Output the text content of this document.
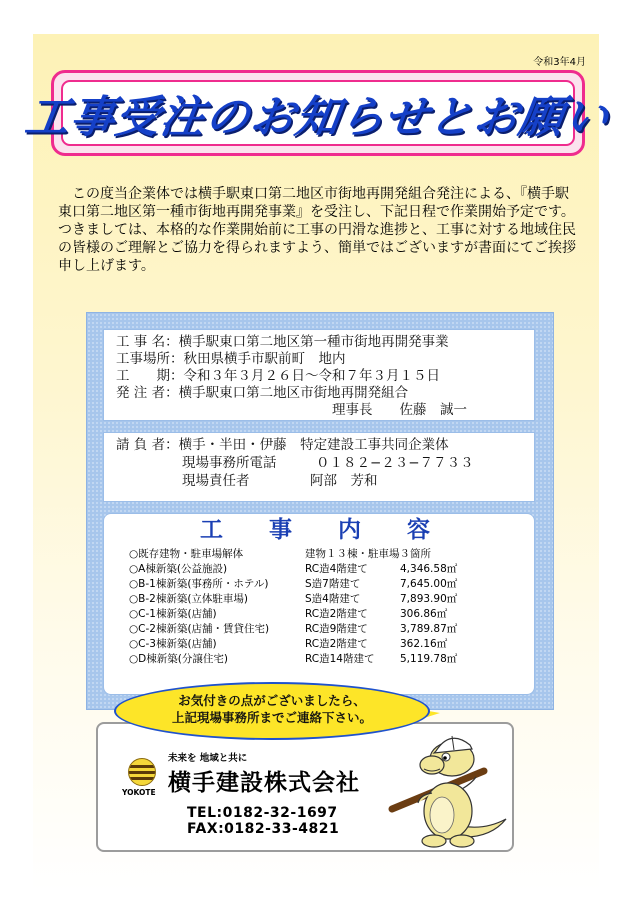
令和3年4月
工事受注のお知らせとお願い
この度当企業体では横手駅東口第二地区市街地再開発組合発注による、『横手駅東口第二地区第一種市街地再開発事業』を受注し、下記日程で作業開始予定です。つきましては、本格的な作業開始前に工事の円滑な進捗と、工事に対する地域住民の皆様のご理解とご協力を得られますよう、簡単ではございますが書面にてご挨拶申し上げます。
工 事 名：横手駅東口第二地区第一種市街地再開発事業
工事場所：秋田県横手市駅前町　地内
工　　期：令和３年３月２６日～令和７年３月１５日
発 注 者：横手駅東口第二地区市街地再開発組合
理事長　　佐藤　誠一
請 負 者：横手・半田・伊藤　特定建設工事共同企業体
現場事務所電話	０１８２−２３−７７３３
現場責任者	阿部　芳和
工 事 内 容
○既存建物・駐車場解体	建物１３棟・駐車場３箇所
○A棟新築(公益施設)	RC造4階建て	4,346.58㎡
○B-1棟新築(事務所・ホテル)	S造7階建て	7,645.00㎡
○B-2棟新築(立体駐車場)	S造4階建て	7,893.90㎡
○C-1棟新築(店舗)	RC造2階建て	306.86㎡
○C-2棟新築(店舗・賃貸住宅)	RC造9階建て	3,789.87㎡
○C-3棟新築(店舗)	RC造2階建て	362.16㎡
○D棟新築(分譲住宅)	RC造14階建て 5,119.78㎡
お気付きの点がございましたら、
上記現場事務所までご連絡下さい。
YOKOTE
未来を 地域と共に
横手建設株式会社
TEL:0182-32-1697
FAX:0182-33-4821
